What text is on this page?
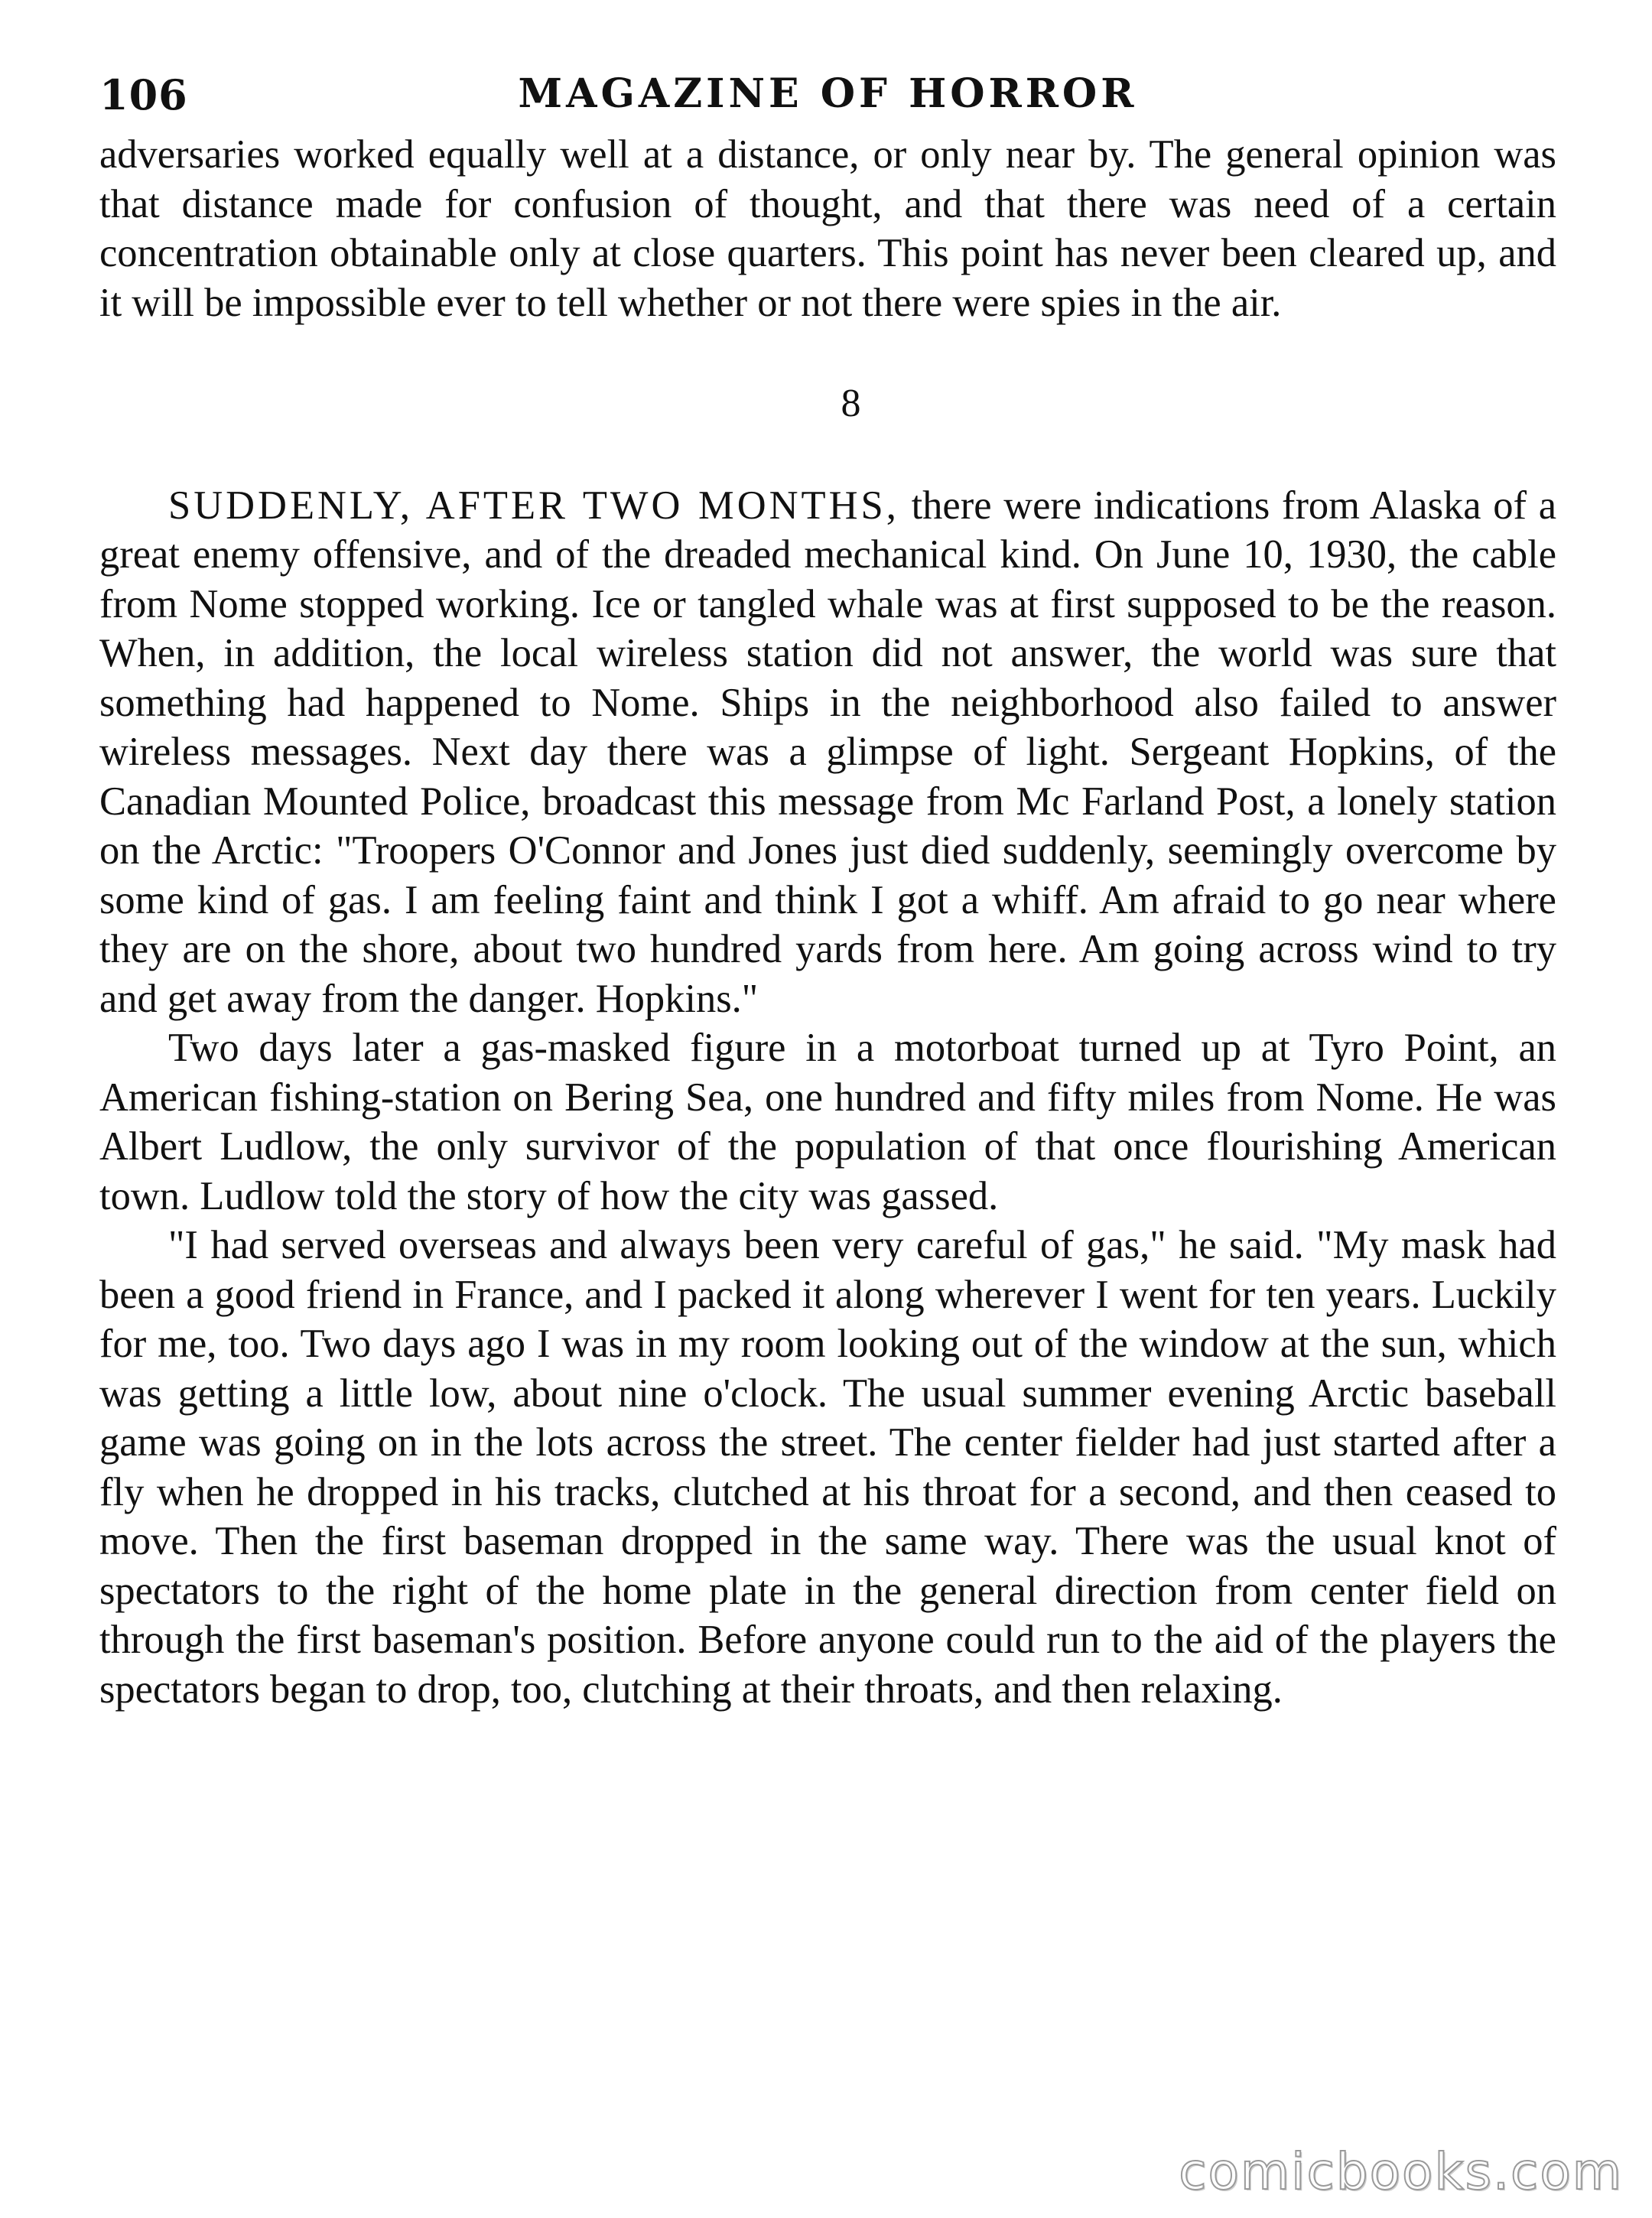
106	MAGAZINE OF HORROR

adversaries worked equally well at a distance, or only near by. The general opinion was that distance made for confusion of thought, and that there was need of a certain concentration obtainable only at close quarters. This point has never been cleared up, and it will be impossible ever to tell whether or not there were spies in the air.

8

SUDDENLY, AFTER TWO MONTHS, there were indications from Alaska of a great enemy offensive, and of the dreaded mechanical kind. On June 10, 1930, the cable from Nome stopped working. Ice or tangled whale was at first supposed to be the reason. When, in addition, the local wireless station did not answer, the world was sure that something had happened to Nome. Ships in the neighborhood also failed to answer wireless messages. Next day there was a glimpse of light. Sergeant Hopkins, of the Canadian Mounted Police, broadcast this message from Mc Farland Post, a lonely station on the Arctic: "Troopers O'Connor and Jones just died suddenly, seemingly overcome by some kind of gas. I am feeling faint and think I got a whiff. Am afraid to go near where they are on the shore, about two hundred yards from here. Am going across wind to try and get away from the danger. Hopkins."

Two days later a gas-masked figure in a motorboat turned up at Tyro Point, an American fishing-station on Bering Sea, one hundred and fifty miles from Nome. He was Albert Ludlow, the only survivor of the population of that once flourishing American town. Ludlow told the story of how the city was gassed.

"I had served overseas and always been very careful of gas," he said. "My mask had been a good friend in France, and I packed it along wherever I went for ten years. Luckily for me, too. Two days ago I was in my room looking out of the window at the sun, which was getting a little low, about nine o'clock. The usual summer evening Arctic baseball game was going on in the lots across the street. The center fielder had just started after a fly when he dropped in his tracks, clutched at his throat for a second, and then ceased to move. Then the first baseman dropped in the same way. There was the usual knot of spectators to the right of the home plate in the general direction from center field on through the first baseman's position. Before anyone could run to the aid of the players the spectators began to drop, too, clutching at their throats, and then relaxing.

comicbooks.com
